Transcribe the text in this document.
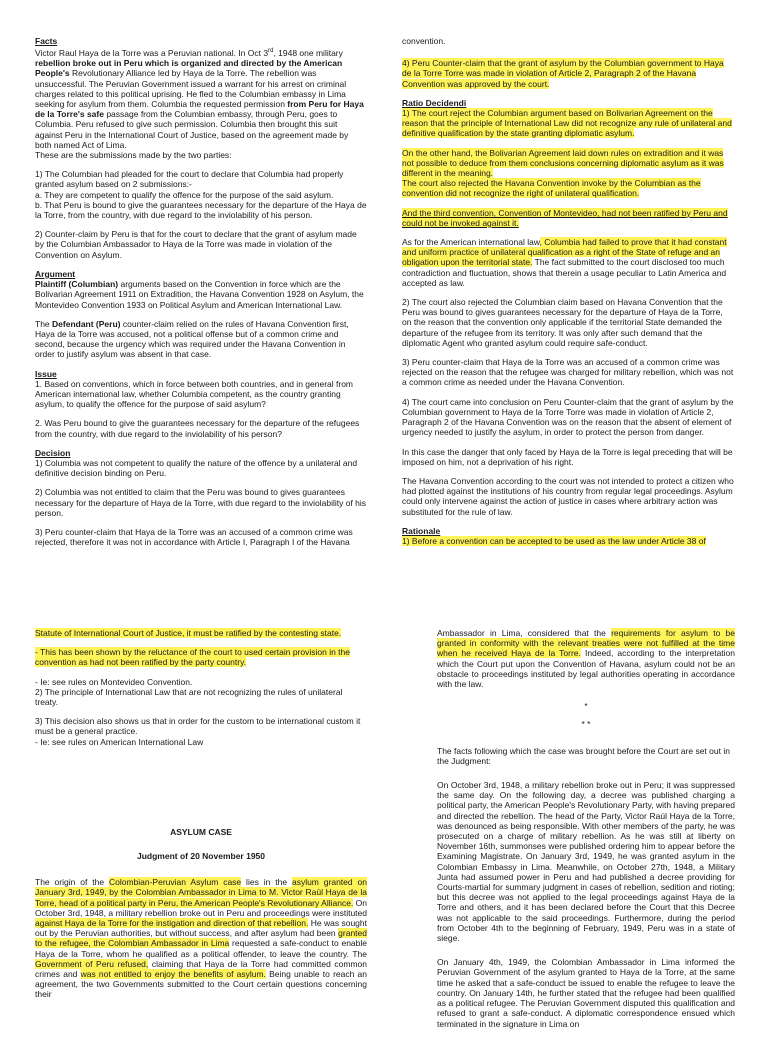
Facts

Victor Raul Haya de la Torre was a Peruvian national. In Oct 3rd, 1948 one military rebellion broke out in Peru which is organized and directed by the American People's Revolutionary Alliance led by Haya de la Torre. The rebellion was unsuccessful. The Peruvian Government issued a warrant for his arrest on criminal charges related to this political uprising. He fled to the Columbian embassy in Lima seeking for asylum from them. Columbia the requested permission from Peru for Haya de la Torre's safe passage from the Columbian embassy, through Peru, goes to Columbia. Peru refused to give such permission. Columbia then brought this suit against Peru in the International Court of Justice, based on the agreement made by both named Act of Lima.

These are the submissions made by the two parties:

1) The Columbian had pleaded for the court to declare that Columbia had properly granted asylum based on 2 submissions:-
a. They are competent to qualify the offence for the purpose of the said asylum.
b. That Peru is bound to give the guarantees necessary for the departure of the Haya de la Torre, from the country, with due regard to the inviolability of his person.

2) Counter-claim by Peru is that for the court to declare that the grant of asylum made by the Columbian Ambassador to Haya de la Torre was made in violation of the Convention on Asylum.

Argument

Plaintiff (Columbian) arguments based on the Convention in force which are the Bolivarian Agreement 1911 on Extradition, the Havana Convention 1928 on Asylum, the Montevideo Convention 1933 on Political Asylum and American International Law.

The Defendant (Peru) counter-claim relied on the rules of Havana Convention first, Haya de la Torre was accused, not a political offense but of a common crime and second, because the urgency which was required under the Havana Convention in order to justify asylum was absent in that case.

Issue

1. Based on conventions, which in force between both countries, and in general from American international law, whether Columbia competent, as the country granting asylum, to qualify the offence for the purpose of said asylum?

2. Was Peru bound to give the guarantees necessary for the departure of the refugees from the country, with due regard to the inviolability of his person?

Decision

1) Columbia was not competent to qualify the nature of the offence by a unilateral and definitive decision binding on Peru.

2) Columbia was not entitled to claim that the Peru was bound to gives guarantees necessary for the departure of Haya de la Torre, with due regard to the inviolability of his person.

3) Peru counter-claim that Haya de la Torre was an accused of a common crime was rejected, therefore it was not in accordance with Article I, Paragraph I of the Havana

convention.

4) Peru Counter-claim that the grant of asylum by the Columbian government to Haya de la Torre Torre was made in violation of Article 2, Paragraph 2 of the Havana Convention was approved by the court.

Ratio Decidendi

1) The court reject the Columbian argument based on Bolivarian Agreement on the reason that the principle of International Law did not recognize any rule of unilateral and definitive qualification by the state granting diplomatic asylum.

On the other hand, the Bolivarian Agreement laid down rules on extradition and it was not possible to deduce from them conclusions concerning diplomatic asylum as it was different in the meaning.
The court also rejected the Havana Convention invoke by the Columbian as the convention did not recognize the right of unilateral qualification.

And the third convention, Convention of Montevideo, had not been ratified by Peru and could not be invoked against it.

As for the American international law, Columbia had failed to prove that it had constant and uniform practice of unilateral qualification as a right of the State of refuge and an obligation upon the territorial state. The fact submitted to the court disclosed too much contradiction and fluctuation, shows that therein a usage peculiar to Latin America and accepted as law.

2) The court also rejected the Columbian claim based on Havana Convention that the Peru was bound to gives guarantees necessary for the departure of Haya de la Torre, on the reason that the convention only applicable if the territorial State demanded the departure of the refugee from its territory. It was only after such demand that the diplomatic Agent who granted asylum could require safe-conduct.

3) Peru counter-claim that Haya de la Torre was an accused of a common crime was rejected on the reason that the refugee was charged for military rebellion, which was not a common crime as needed under the Havana Convention.

4) The court came into conclusion on Peru Counter-claim that the grant of asylum by the Columbian government to Haya de la Torre Torre was made in violation of Article 2, Paragraph 2 of the Havana Convention was on the reason that the absent of element of urgency needed to justify the asylum, in order to protect the person from danger.

In this case the danger that only faced by Haya de la Torre is legal preceding that will be imposed on him, not a deprivation of his right.

The Havana Convention according to the court was not intended to protect a citizen who had plotted against the institutions of his country from regular legal proceedings. Asylum could only intervene against the action of justice in cases where arbitrary action was substituted for the rule of law.

Rationale

1) Before a convention can be accepted to be used as the law under Article 38 of

Statute of International Court of Justice, it must be ratified by the contesting state.

- This has been shown by the reluctance of the court to used certain provision in the convention as had not been ratified by the party country.

- Ie: see rules on Montevideo Convention.
2) The principle of International Law that are not recognizing the rules of unilateral treaty.

3) This decision also shows us that in order for the custom to be international custom it must be a general practice.
- Ie: see rules on American International Law

ASYLUM CASE

Judgment of 20 November 1950

The origin of the Colombian-Peruvian Asylum case lies in the asylum granted on January 3rd, 1949, by the Colombian Ambassador in Lima to M. Victor Raúl Haya de la Torre, head of a political party in Peru, the American People's Revolutionary Alliance. On October 3rd, 1948, a military rebellion broke out in Peru and proceedings were instituted against Haya de la Torre for the instigation and direction of that rebellion. He was sought out by the Peruvian authorities, but without success, and after asylum had been granted to the refugee, the Colombian Ambassador in Lima requested a safe-conduct to enable Haya de la Torre, whom he qualified as a political offender, to leave the country. The Government of Peru refused, claiming that Haya de la Torre had committed common crimes and was not entitled to enjoy the benefits of asylum. Being unable to reach an agreement, the two Governments submitted to the Court certain questions concerning their

Ambassador in Lima, considered that the requirements for asylum to be granted in conformity with the relevant treaties were not fulfilled at the time when he received Haya de la Torre. Indeed, according to the interpretation which the Court put upon the Convention of Havana, asylum could not be an obstacle to proceedings instituted by legal authorities operating in accordance with the law.

*

* *

The facts following which the case was brought before the Court are set out in the Judgment:

On October 3rd, 1948, a military rebellion broke out in Peru; it was suppressed the same day. On the following day, a decree was published charging a political party, the American People's Revolutionary Party, with having prepared and directed the rebellion. The head of the Party, Victor Raúl Haya de la Torre, was denounced as being responsible. With other members of the party, he was prosecuted on a charge of military rebellion. As he was still at liberty on November 16th, summonses were published ordering him to appear before the Examining Magistrate. On January 3rd, 1949, he was granted asylum in the Colombian Embassy in Lima. Meanwhile, on October 27th, 1948, a Military Junta had assumed power in Peru and had published a decree providing for Courts-martial for summary judgment in cases of rebellion, sedition and rioting; but this decree was not applied to the legal proceedings against Haya de la Torre and others, and it has been declared before the Court that this Decree was not applicable to the said proceedings. Furthermore, during the period from October 4th to the beginning of February, 1949, Peru was in a state of siege.

On January 4th, 1949, the Colombian Ambassador in Lima informed the Peruvian Government of the asylum granted to Haya de la Torre, at the same time he asked that a safe-conduct be issued to enable the refugee to leave the country. On January 14th, he further stated that the refugee had been qualified as a political refugee. The Peruvian Government disputed this qualification and refused to grant a safe-conduct. A diplomatic correspondence ensued which terminated in the signature in Lima on
